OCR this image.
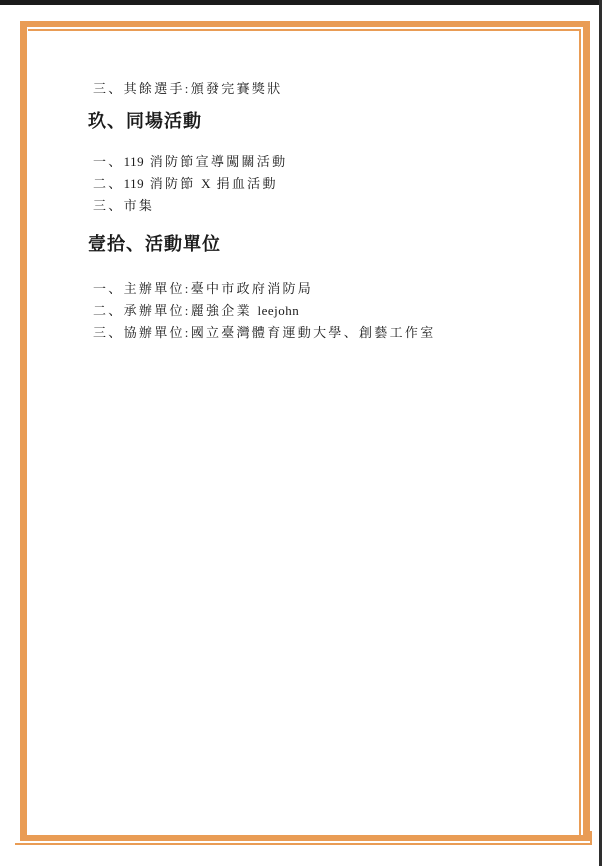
三、其餘選手:頒發完賽獎狀
玖、同場活動
一、119 消防節宣導闖關活動
二、119 消防節 X 捐血活動
三、市集
壹拾、活動單位
一、主辦單位:臺中市政府消防局
二、承辦單位:麗強企業 leejohn
三、協辦單位:國立臺灣體育運動大學、創藝工作室
